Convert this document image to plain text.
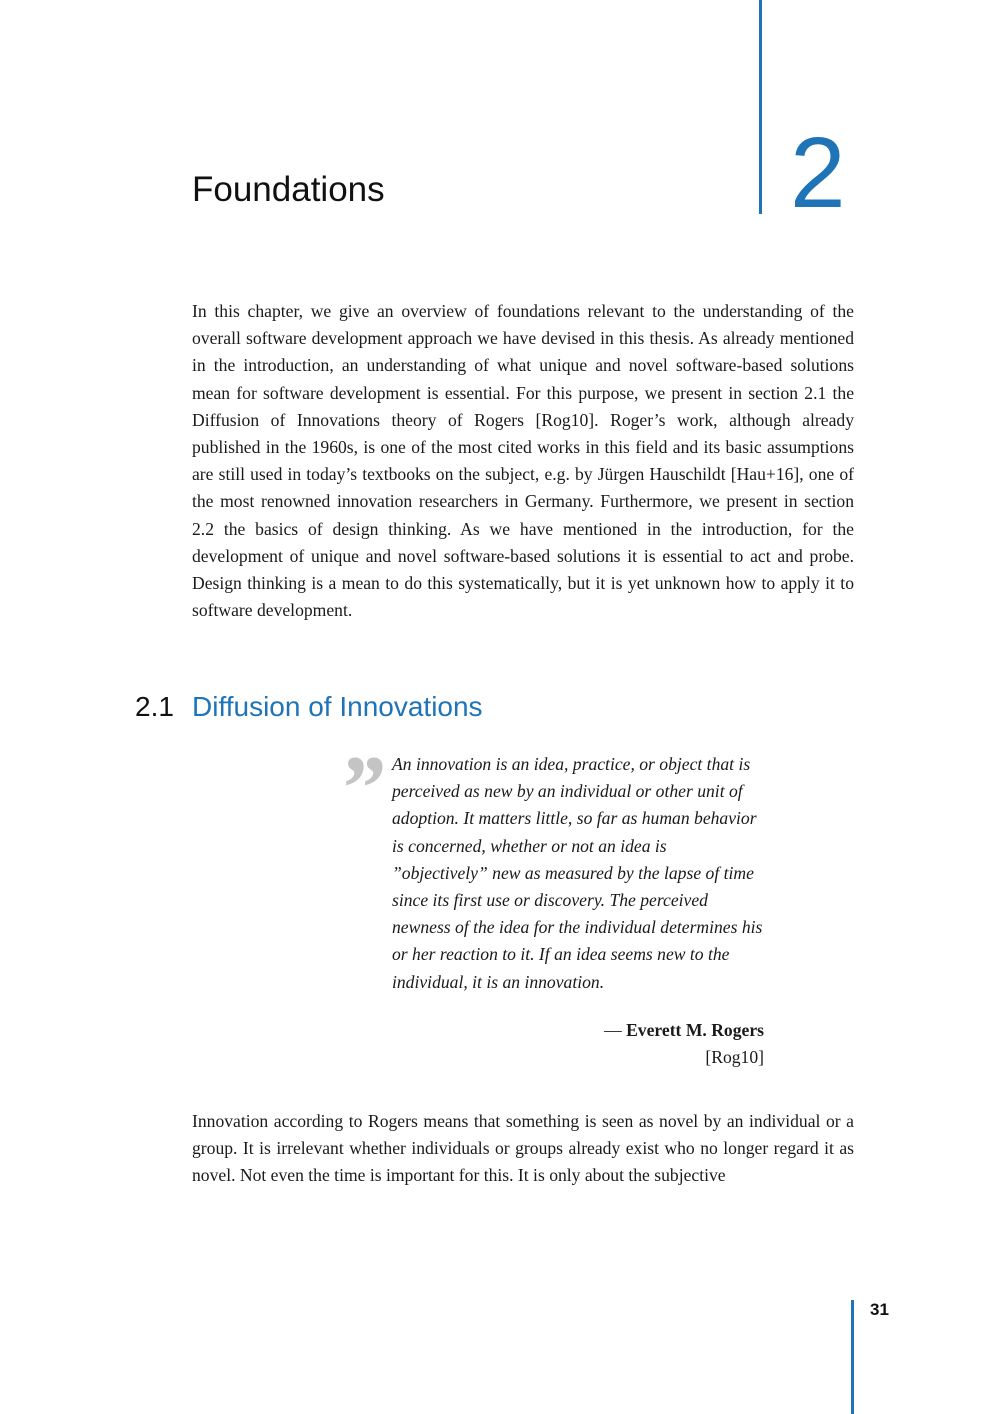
2
Foundations

In this chapter, we give an overview of foundations relevant to the understanding of the overall software development approach we have devised in this thesis. As already mentioned in the introduction, an understanding of what unique and novel software-based solutions mean for software development is essential. For this purpose, we present in section 2.1 the Diffusion of Innovations theory of Rogers [Rog10]. Roger’s work, although already published in the 1960s, is one of the most cited works in this field and its basic assumptions are still used in today’s textbooks on the subject, e.g. by Jürgen Hauschildt [Hau+16], one of the most renowned innovation researchers in Germany. Furthermore, we present in section 2.2 the basics of design thinking. As we have mentioned in the introduction, for the development of unique and novel software-based solutions it is essential to act and probe. Design thinking is a mean to do this systematically, but it is yet unknown how to apply it to software development.

2.1 Diffusion of Innovations
” An innovation is an idea, practice, or object that is perceived as new by an individual or other unit of adoption. It matters little, so far as human behavior is concerned, whether or not an idea is ”objectively” new as measured by the lapse of time since its first use or discovery. The perceived newness of the idea for the individual determines his or her reaction to it. If an idea seems new to the individual, it is an innovation.

— Everett M. Rogers
[Rog10]

Innovation according to Rogers means that something is seen as novel by an individual or a group. It is irrelevant whether individuals or groups already exist who no longer regard it as novel. Not even the time is important for this. It is only about the subjective

31
